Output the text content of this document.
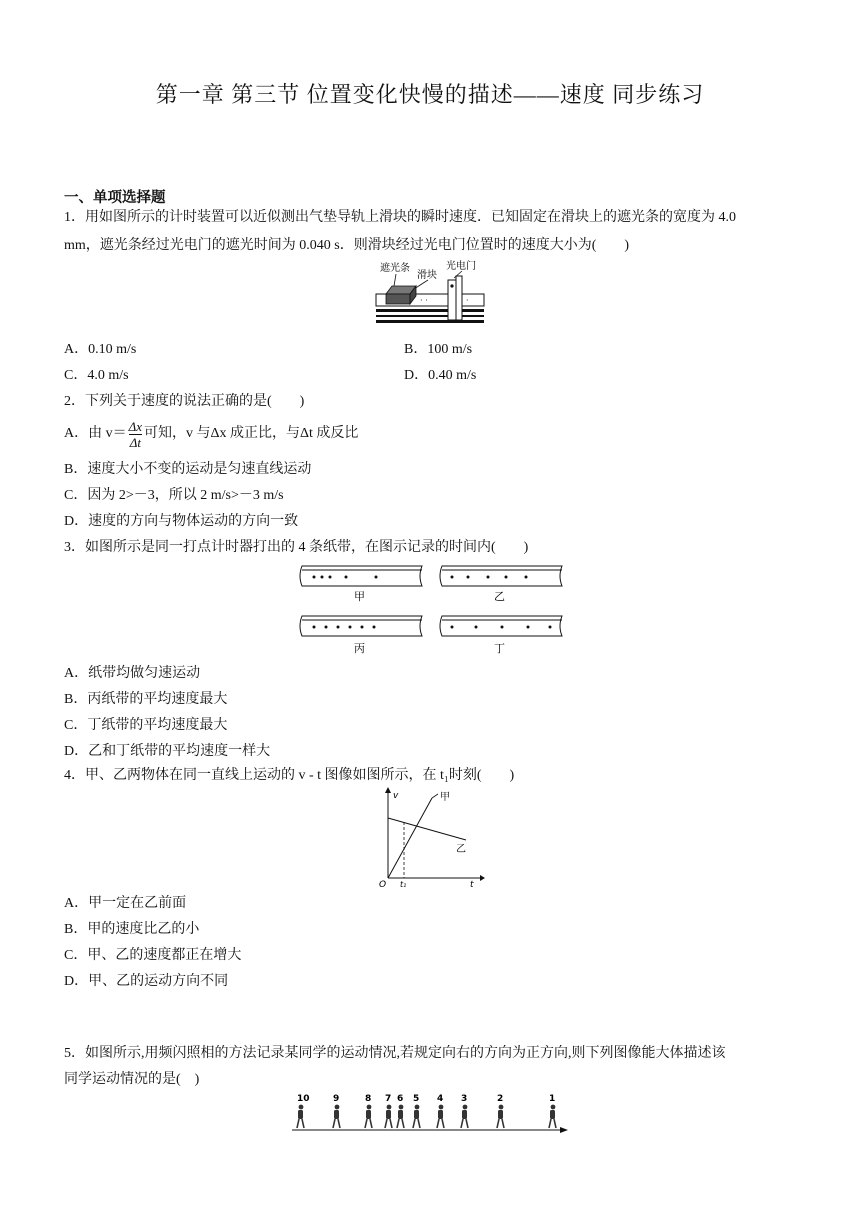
第一章 第三节 位置变化快慢的描述——速度 同步练习
一、单项选择题
1．用如图所示的计时装置可以近似测出气垫导轨上滑块的瞬时速度．已知固定在滑块上的遮光条的宽度为 4.0
mm，遮光条经过光电门的遮光时间为 0.040 s．则滑块经过光电门位置时的速度大小为(　　)
遮光条
滑块
光电门
· ·	·
A．0.10 m/s	B．100 m/s
C．4.0 m/s	D．0.40 m/s
2．下列关于速度的说法正确的是(　　)
A．由 $v= \frac{\Delta x}{\Delta t}$ 可知，v 与Δx 成正比，与Δt 成反比
B．速度大小不变的运动是匀速直线运动
C．因为 2>－3，所以 2 m/s>－3 m/s
D．速度的方向与物体运动的方向一致
3．如图所示是同一打点计时器打出的 4 条纸带，在图示记录的时间内(　　)
甲	乙
丙	丁
A．纸带均做匀速运动
B．丙纸带的平均速度最大
C．丁纸带的平均速度最大
D．乙和丁纸带的平均速度一样大
4．甲、乙两物体在同一直线上运动的 v - t 图像如图所示，在 t₁时刻(　　)
v	甲
乙
O t₁	t
A．甲一定在乙前面
B．甲的速度比乙的小
C．甲、乙的速度都正在增大
D．甲、乙的运动方向不同
5．如图所示,用频闪照相的方法记录某同学的运动情况,若规定向右的方向为正方向,则下列图像能大体描述该
同学运动情况的是(　)
10	9	8 7 6 5 4 3	2	1
